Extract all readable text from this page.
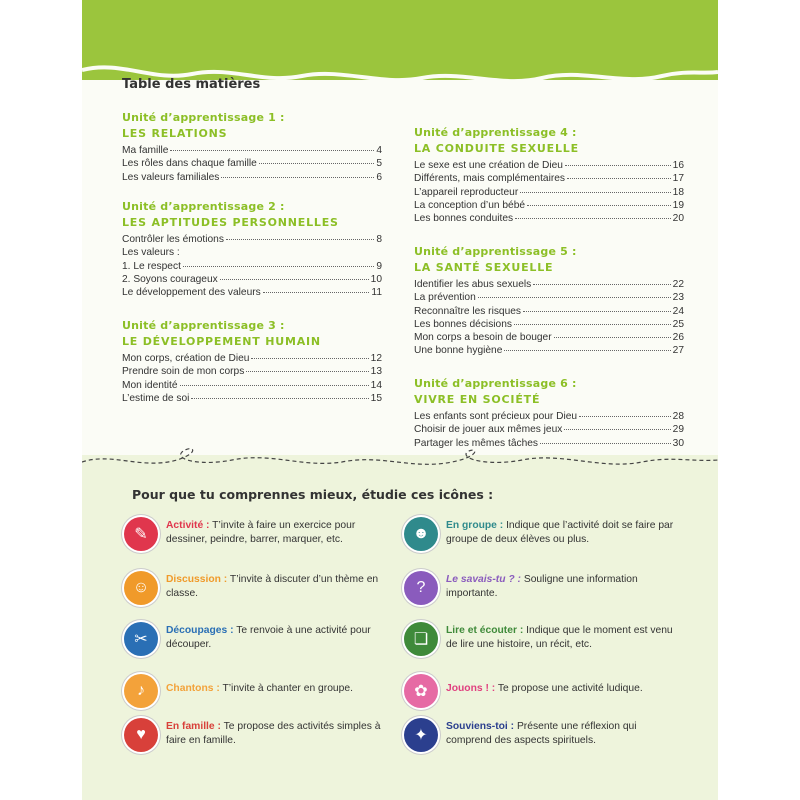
Table des matières
Unité d’apprentissage 1 :
LES RELATIONS
Ma famille	4
Les rôles dans chaque famille	5
Les valeurs familiales	6
Unité d’apprentissage 2 :
LES APTITUDES PERSONNELLES
Contrôler les émotions	8
Les valeurs :
1. Le respect	9
2. Soyons courageux	10
Le développement des valeurs	11
Unité d’apprentissage 3 :
LE DÉVELOPPEMENT HUMAIN
Mon corps, création de Dieu	12
Prendre soin de mon corps	13
Mon identité	14
L’estime de soi	15
Unité d’apprentissage 4 :
LA CONDUITE SEXUELLE
Le sexe est une création de Dieu	16
Différents, mais complémentaires	17
L’appareil reproducteur	18
La conception d’un bébé	19
Les bonnes conduites	20
Unité d’apprentissage 5 :
LA SANTÉ SEXUELLE
Identifier les abus sexuels	22
La prévention	23
Reconnaître les risques	24
Les bonnes décisions	25
Mon corps a besoin de bouger	26
Une bonne hygiène	27
Unité d’apprentissage 6 :
VIVRE EN SOCIÉTÉ
Les enfants sont précieux pour Dieu	28
Choisir de jouer aux mêmes jeux	29
Partager les mêmes tâches	30
Pour que tu comprennes mieux, étudie ces icônes :
✎
Activité : T’invite à faire un exercice pour dessiner, peindre, barrer, marquer, etc.
☺	Discussion : T’invite à discuter d’un thème en classe.
✂
Découpages : Te renvoie à une activité pour découper.
♪	Chantons : T’invite à chanter en groupe.
♥	En famille : Te propose des activités simples à faire en famille.
☻	En groupe : Indique que l’activité doit se faire par groupe de deux élèves ou plus.
?	Le savais-tu ? : Souligne une information importante.
❏
Lire et écouter : Indique que le moment est venu de lire une histoire, un récit, etc.
✿	Jouons ! : Te propose une activité ludique.
✦
Souviens-toi : Présente une réflexion qui comprend des aspects spirituels.
